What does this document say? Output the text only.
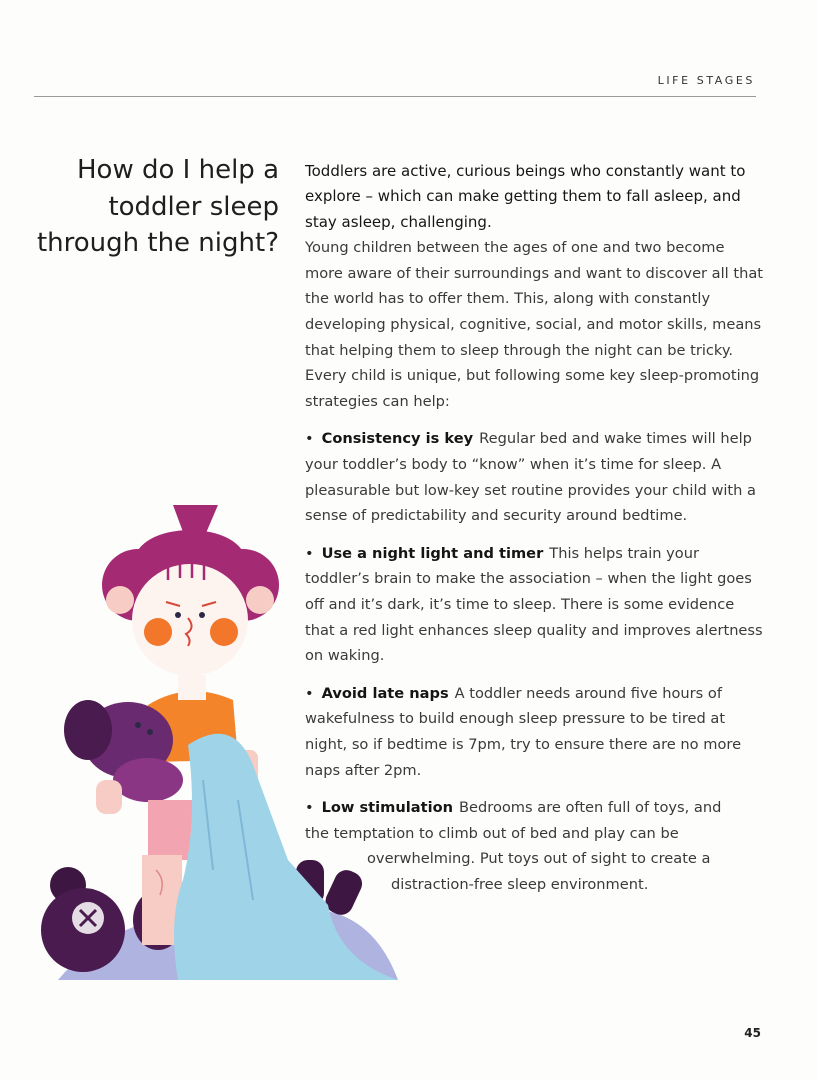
LIFE STAGES
How do I help a toddler sleep through the night?

Toddlers are active, curious beings who constantly want to explore – which can make getting them to fall asleep, and stay asleep, challenging.

Young children between the ages of one and two become more aware of their surroundings and want to discover all that the world has to offer them. This, along with constantly developing physical, cognitive, social, and motor skills, means that helping them to sleep through the night can be tricky. Every child is unique, but following some key sleep-promoting strategies can help:

• Consistency is key Regular bed and wake times will help your toddler’s body to “know” when it’s time for sleep. A pleasurable but low-key set routine provides your child with a sense of predictability and security around bedtime.

• Use a night light and timer This helps train your toddler’s brain to make the association – when the light goes off and it’s dark, it’s time to sleep. There is some evidence that a red light enhances sleep quality and improves alertness on waking.

• Avoid late naps A toddler needs around five hours of wakefulness to build enough sleep pressure to be tired at night, so if bedtime is 7pm, try to ensure there are no more naps after 2pm.

• Low stimulation Bedrooms are often full of toys, and
the temptation to climb out of bed and play can be
overwhelming. Put toys out of sight to create a
distraction-free sleep environment.

45
